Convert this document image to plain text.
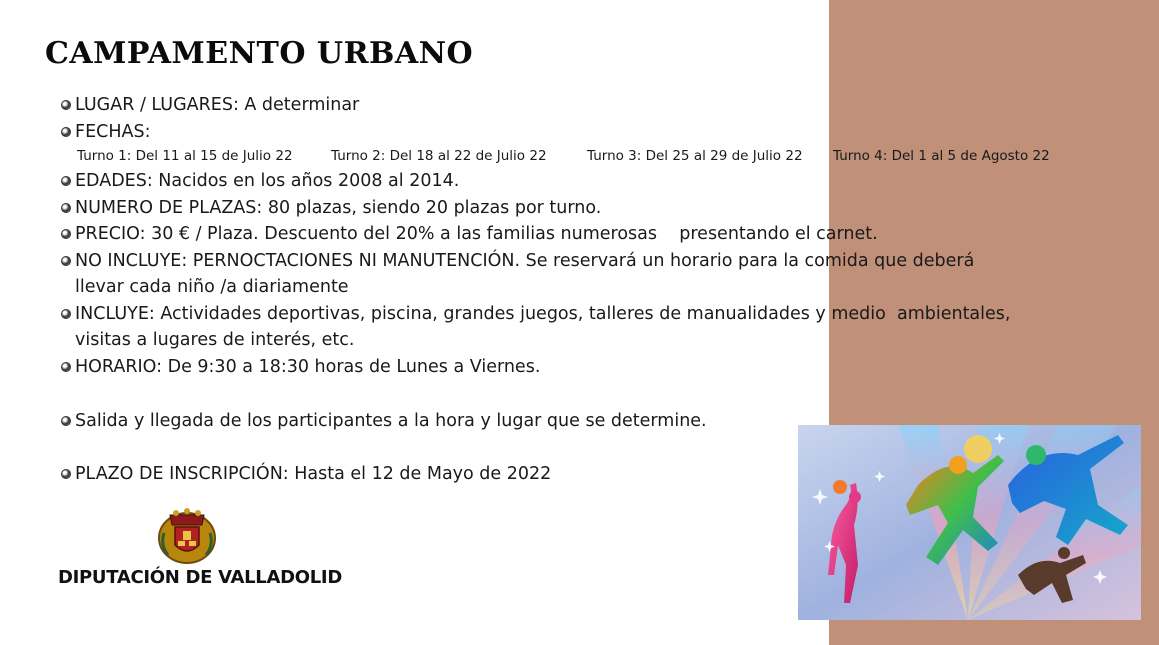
CAMPAMENTO URBANO
LUGAR / LUGARES: A determinar
FECHAS:
Turno 1: Del 11 al 15 de Julio 22	Turno 2: Del 18 al 22 de Julio 22	Turno 3: Del 25 al 29 de Julio 22 Turno 4: Del 1 al 5 de Agosto 22
EDADES: Nacidos en los años 2008 al 2014.
NUMERO DE PLAZAS: 80 plazas, siendo 20 plazas por turno.
PRECIO: 30 € / Plaza. Descuento del 20% a las familias numerosas    presentando el carnet.
NO INCLUYE: PERNOCTACIONES NI MANUTENCIÓN. Se reservará un horario para la comida que deberá
llevar cada niño /a diariamente
INCLUYE: Actividades deportivas, piscina, grandes juegos, talleres de manualidades y medio  ambientales,
visitas a lugares de interés, etc.
HORARIO: De 9:30 a 18:30 horas de Lunes a Viernes.
Salida y llegada de los participantes a la hora y lugar que se determine.
PLAZO DE INSCRIPCIÓN: Hasta el 12 de Mayo de 2022
DIPUTACIÓN DE VALLADOLID
